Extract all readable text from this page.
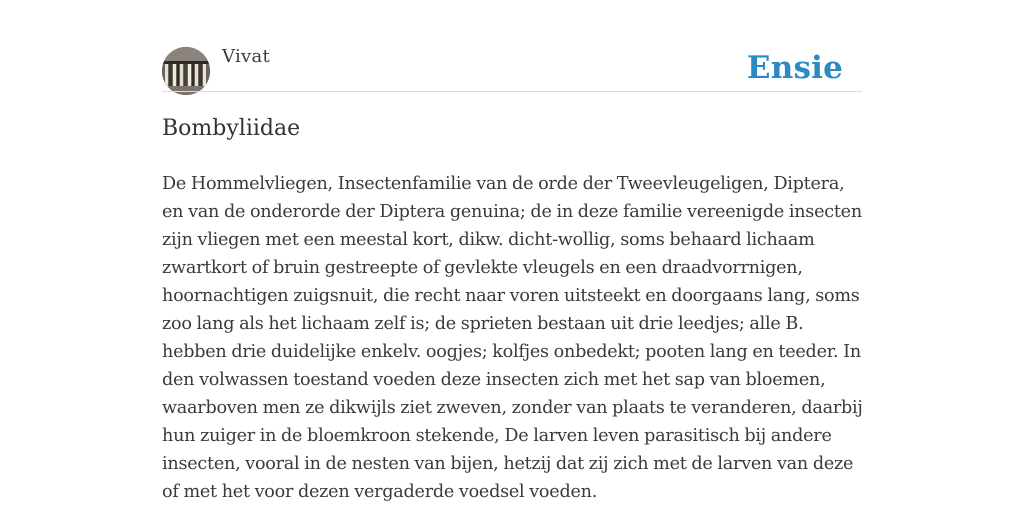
Vivat	Ensie
Bombyliidae

De Hommelvliegen, Insectenfamilie van de orde der Tweevleugeligen, Diptera, en van de onderorde der Diptera genuina; de in deze familie vereenigde insecten zijn vliegen met een meestal kort, dikw. dicht-wollig, soms behaard lichaam zwartkort of bruin gestreepte of gevlekte vleugels en een draadvorrnigen, hoornachtigen zuigsnuit, die recht naar voren uitsteekt en doorgaans lang, soms zoo lang als het lichaam zelf is; de sprieten bestaan uit drie leedjes; alle B. hebben drie duidelijke enkelv. oogjes; kolfjes onbedekt; pooten lang en teeder. In den volwassen toestand voeden deze insecten zich met het sap van bloemen, waarboven men ze dikwijls ziet zweven, zonder van plaats te veranderen, daarbij hun zuiger in de bloemkroon stekende, De larven leven parasitisch bij andere insecten, vooral in de nesten van bijen, hetzij dat zij zich met de larven van deze of met het voor dezen vergaderde voedsel voeden.
